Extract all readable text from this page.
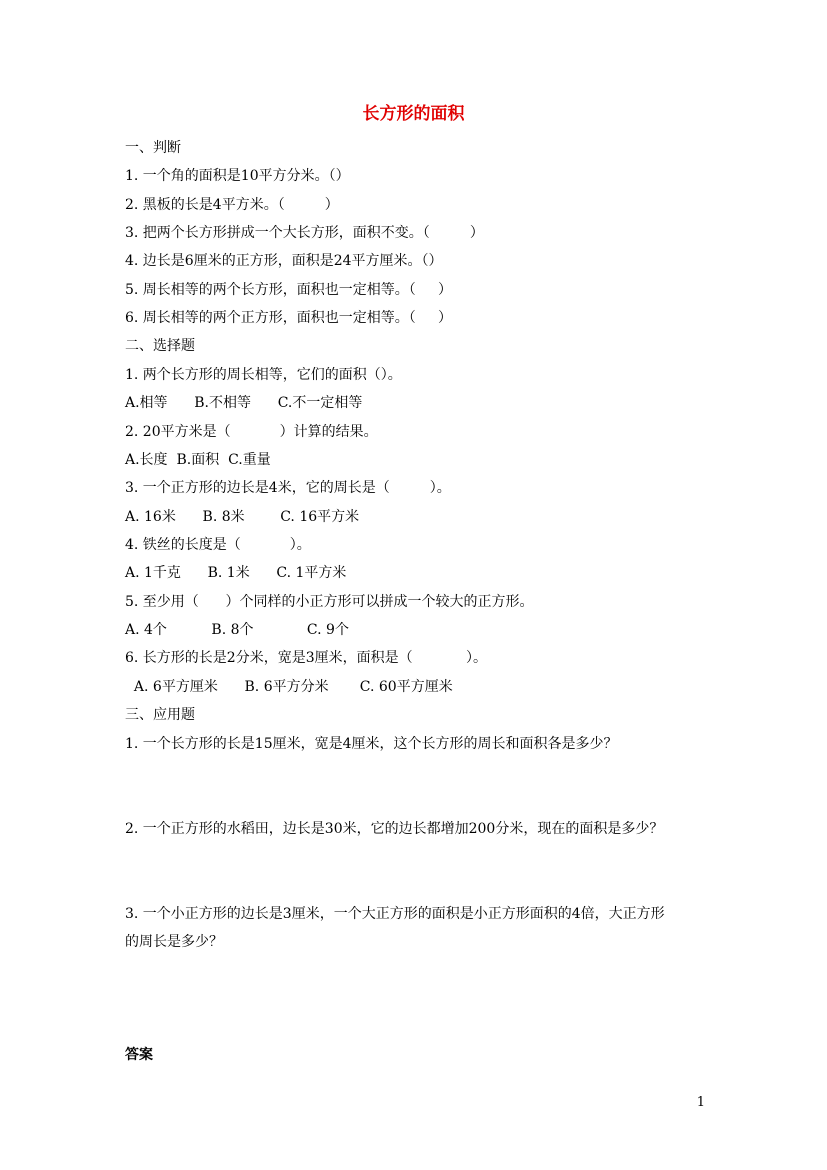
长方形的面积
一、判断
1. 一个角的面积是10平方分米。（）
2. 黑板的长是4平方米。（         ）
3. 把两个长方形拼成一个大长方形，面积不变。（         ）
4. 边长是6厘米的正方形，面积是24平方厘米。（）
5. 周长相等的两个长方形，面积也一定相等。（     ）
6. 周长相等的两个正方形，面积也一定相等。（     ）
二、选择题
1. 两个长方形的周长相等，它们的面积（）。
A.相等      B.不相等      C.不一定相等
2. 20平方米是（           ）计算的结果。
A.长度  B.面积  C.重量
3. 一个正方形的边长是4米，它的周长是（         ）。
A. 16米      B. 8米        C. 16平方米
4. 铁丝的长度是（           ）。
A. 1千克      B. 1米      C. 1平方米
5. 至少用（      ）个同样的小正方形可以拼成一个较大的正方形。
A. 4个          B. 8个            C. 9个
6. 长方形的长是2分米，宽是3厘米，面积是（            ）。
A. 6平方厘米      B. 6平方分米       C. 60平方厘米
三、应用题
1. 一个长方形的长是15厘米，宽是4厘米，这个长方形的周长和面积各是多少？
2. 一个正方形的水稻田，边长是30米，它的边长都增加200分米，现在的面积是多少？
3. 一个小正方形的边长是3厘米，一个大正方形的面积是小正方形面积的4倍，大正方形
的周长是多少？
答案
1
